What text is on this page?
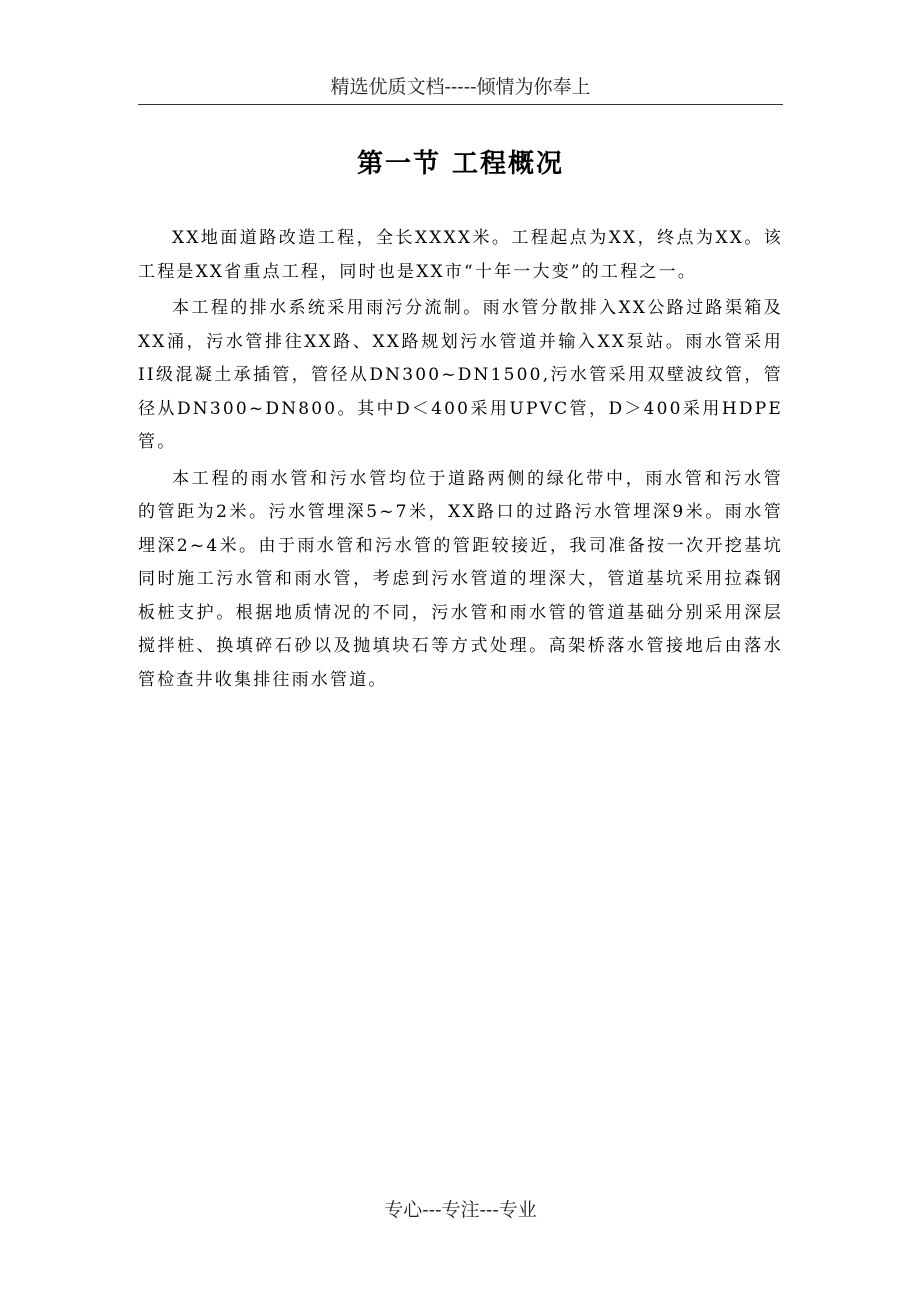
精选优质文档-----倾情为你奉上
第一节 工程概况

XX地面道路改造工程，全长XXXX米。工程起点为XX，终点为XX。该工程是XX省重点工程，同时也是XX市“十年一大变”的工程之一。

本工程的排水系统采用雨污分流制。雨水管分散排入XX公路过路渠箱及XX涌，污水管排往XX路、XX路规划污水管道并输入XX泵站。雨水管采用II级混凝土承插管，管径从DN300~DN1500,污水管采用双壁波纹管，管径从DN300~DN800。其中D＜400采用UPVC管，D＞400采用HDPE管。

本工程的雨水管和污水管均位于道路两侧的绿化带中，雨水管和污水管的管距为2米。污水管埋深5~7米，XX路口的过路污水管埋深9米。雨水管埋深2~4米。由于雨水管和污水管的管距较接近，我司准备按一次开挖基坑同时施工污水管和雨水管，考虑到污水管道的埋深大，管道基坑采用拉森钢板桩支护。根据地质情况的不同，污水管和雨水管的管道基础分别采用深层搅拌桩、换填碎石砂以及抛填块石等方式处理。高架桥落水管接地后由落水管检查井收集排往雨水管道。

专心---专注---专业
